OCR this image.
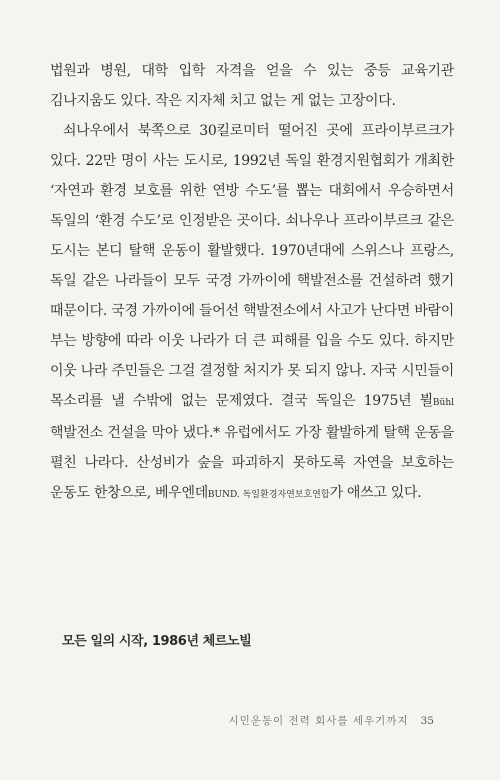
법원과 병원, 대학 입학 자격을 얻을 수 있는 중등 교육기관 김나지움도 있다. 작은 지자체 치고 없는 게 없는 고장이다.

쇠나우에서 북쪽으로 30킬로미터 떨어진 곳에 프라이부르크가 있다. 22만 명이 사는 도시로, 1992년 독일 환경지원협회가 개최한 ‘자연과 환경 보호를 위한 연방 수도’를 뽑는 대회에서 우승하면서 독일의 ‘환경 수도’로 인정받은 곳이다. 쇠나우나 프라이부르크 같은 도시는 본디 탈핵 운동이 활발했다. 1970년대에 스위스나 프랑스, 독일 같은 나라들이 모두 국경 가까이에 핵발전소를 건설하려 했기 때문이다. 국경 가까이에 들어선 핵발전소에서 사고가 난다면 바람이 부는 방향에 따라 이웃 나라가 더 큰 피해를 입을 수도 있다. 하지만 이웃 나라 주민들은 그걸 결정할 처지가 못 되지 않나. 자국 시민들이 목소리를 낼 수밖에 없는 문제였다. 결국 독일은 1975년 뷜Bühl 핵발전소 건설을 막아 냈다.* 유럽에서도 가장 활발하게 탈핵 운동을 펼친 나라다. 산성비가 숲을 파괴하지 못하도록 자연을 보호하는 운동도 한창으로, 베우엔데BUND. 독일환경자연보호연합가 애쓰고 있다.

모든 일의 시작, 1986년 체르노빌
시민운동이 전력 회사를 세우기까지 35
